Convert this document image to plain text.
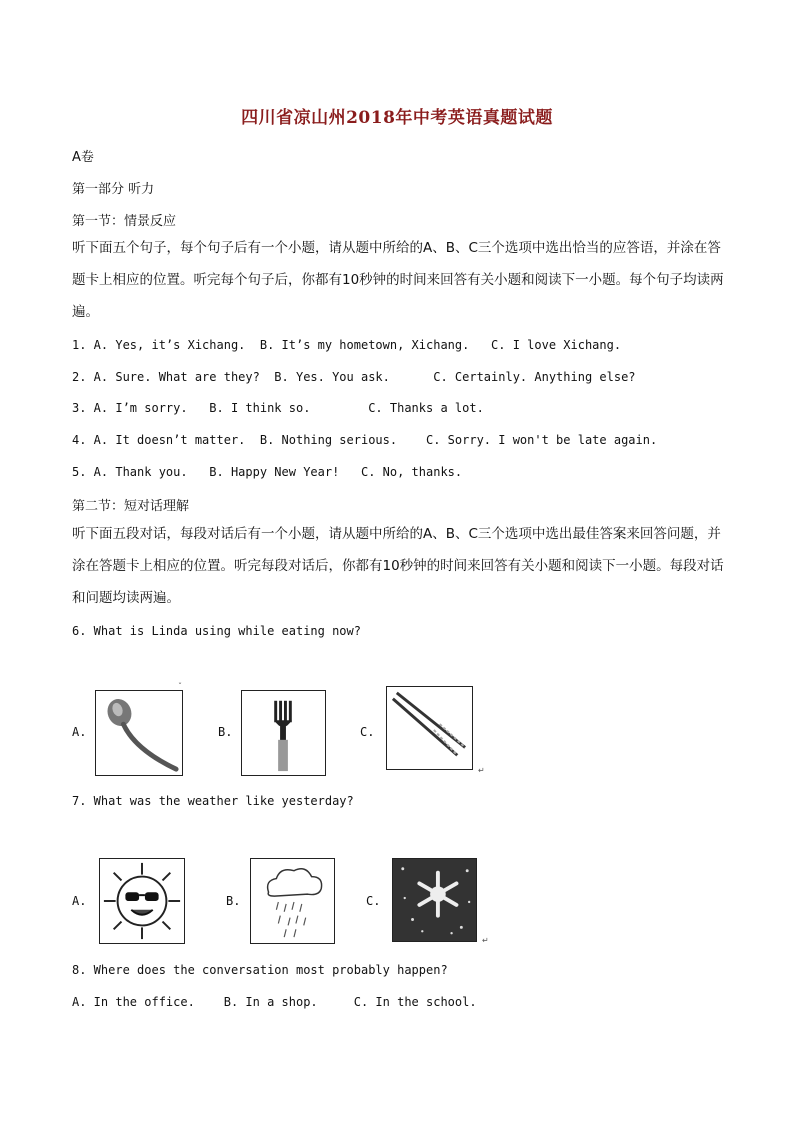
四川省凉山州2018年中考英语真题试题
A卷
第一部分 听力
第一节：情景反应
听下面五个句子，每个句子后有一个小题，请从题中所给的A、B、C三个选项中选出恰当的应答语，并涂在答题卡上相应的位置。听完每个句子后，你都有10秒钟的时间来回答有关小题和阅读下一小题。每个句子均读两遍。
1. A. Yes, it’s Xichang.  B. It’s my hometown, Xichang.   C. I love Xichang.
2. A. Sure. What are they?  B. Yes. You ask.      C. Certainly. Anything else?
3. A. I’m sorry.   B. I think so.        C. Thanks a lot.
4. A. It doesn’t matter.  B. Nothing serious.    C. Sorry. I won't be late again.
5. A. Thank you.   B. Happy New Year!   C. No, thanks.
第二节：短对话理解
听下面五段对话，每段对话后有一个小题，请从题中所给的A、B、C三个选项中选出最佳答案来回答问题，并涂在答题卡上相应的位置。听完每段对话后，你都有10秒钟的时间来回答有关小题和阅读下一小题。每段对话和问题均读两遍。
6. What is Linda using while eating now?
A.
ˇ
B.	C.
↵
7. What was the weather like yesterday?
A.	B.	C.
↵
8. Where does the conversation most probably happen?
A. In the office.    B. In a shop.     C. In the school.
